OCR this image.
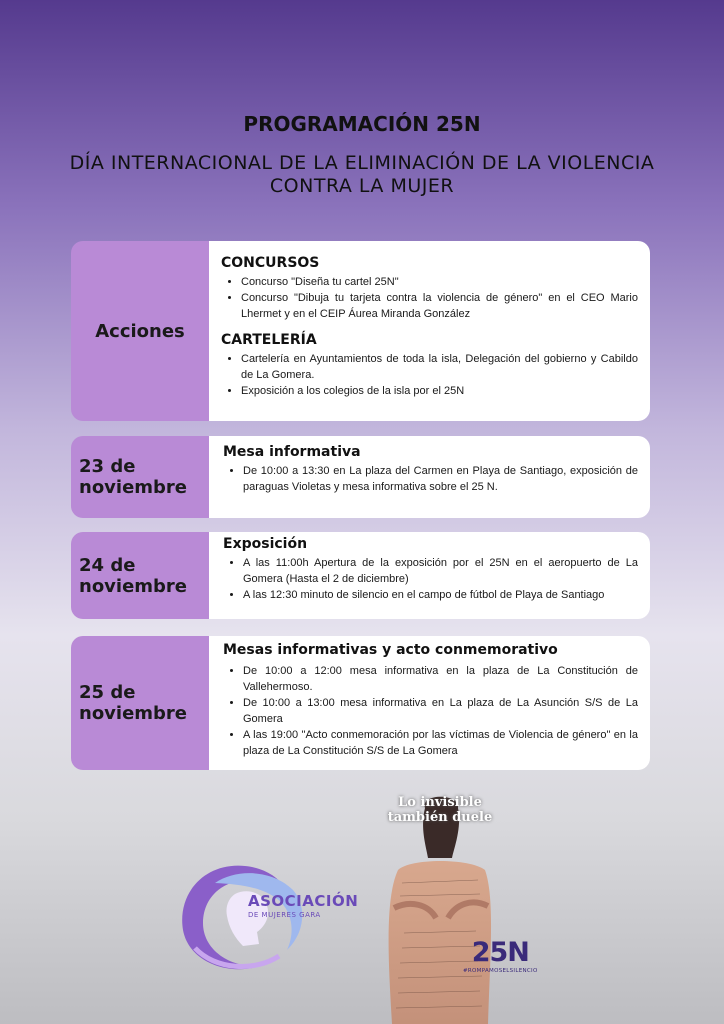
PROGRAMACIÓN 25N
DÍA INTERNACIONAL DE LA ELIMINACIÓN DE LA VIOLENCIA CONTRA LA MUJER
Acciones
CONCURSOS
• Concurso "Diseña tu cartel 25N"
• Concurso "Dibuja tu tarjeta contra la violencia de género" en el CEO Mario Lhermet y en el CEIP Áurea Miranda González
CARTELERÍA
• Cartelería en Ayuntamientos de toda la isla, Delegación del gobierno y Cabildo de La Gomera.
• Exposición a los colegios de la isla por el 25N
23 de noviembre
Mesa informativa
• De 10:00 a 13:30 en La plaza del Carmen en Playa de Santiago, exposición de paraguas Violetas y mesa informativa sobre el 25 N.
24 de noviembre
Exposición
• A las 11:00h Apertura de la exposición por el 25N en el aeropuerto de La Gomera (Hasta el 2 de diciembre)
• A las 12:30 minuto de silencio en el campo de fútbol de Playa de Santiago
25 de noviembre
Mesas informativas y acto conmemorativo
• De 10:00 a 12:00 mesa informativa en la plaza de La Constitución de Vallehermoso.
• De 10:00 a 13:00 mesa informativa en La plaza de La Asunción S/S de La Gomera
• A las 19:00 "Acto conmemoración por las víctimas de Violencia de género" en la plaza de La Constitución S/S de La Gomera
ASOCIACIÓN
DE MUJERES GARA
Lo invisible
también duele
25N
#ROMPAMOSELSILENCIO
